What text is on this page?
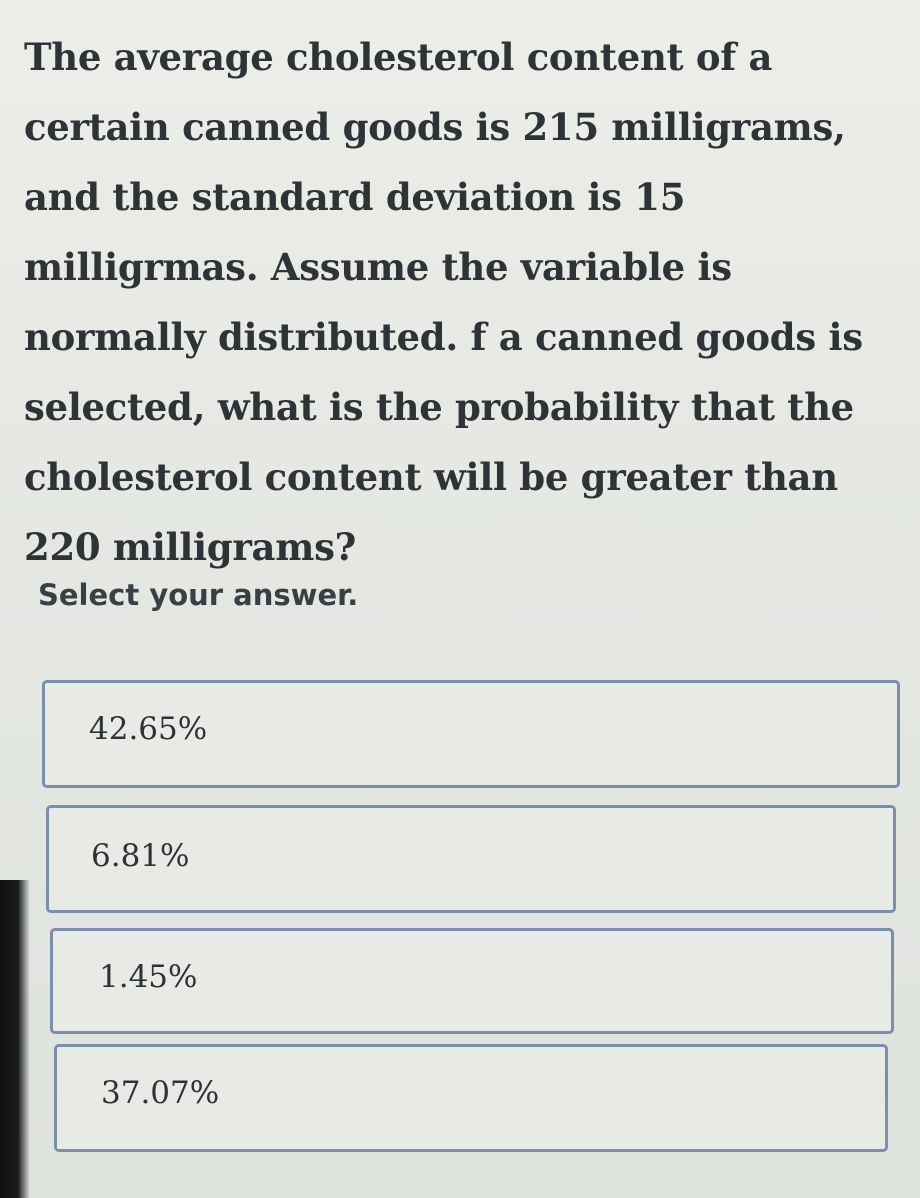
The average cholesterol content of a certain canned goods is 215 milligrams, and the standard deviation is 15 milligrmas. Assume the variable is normally distributed. f a canned goods is selected, what is the probability that the cholesterol content will be greater than 220 milligrams?

Select your answer.

42.65%
6.81%
1.45%
37.07%
